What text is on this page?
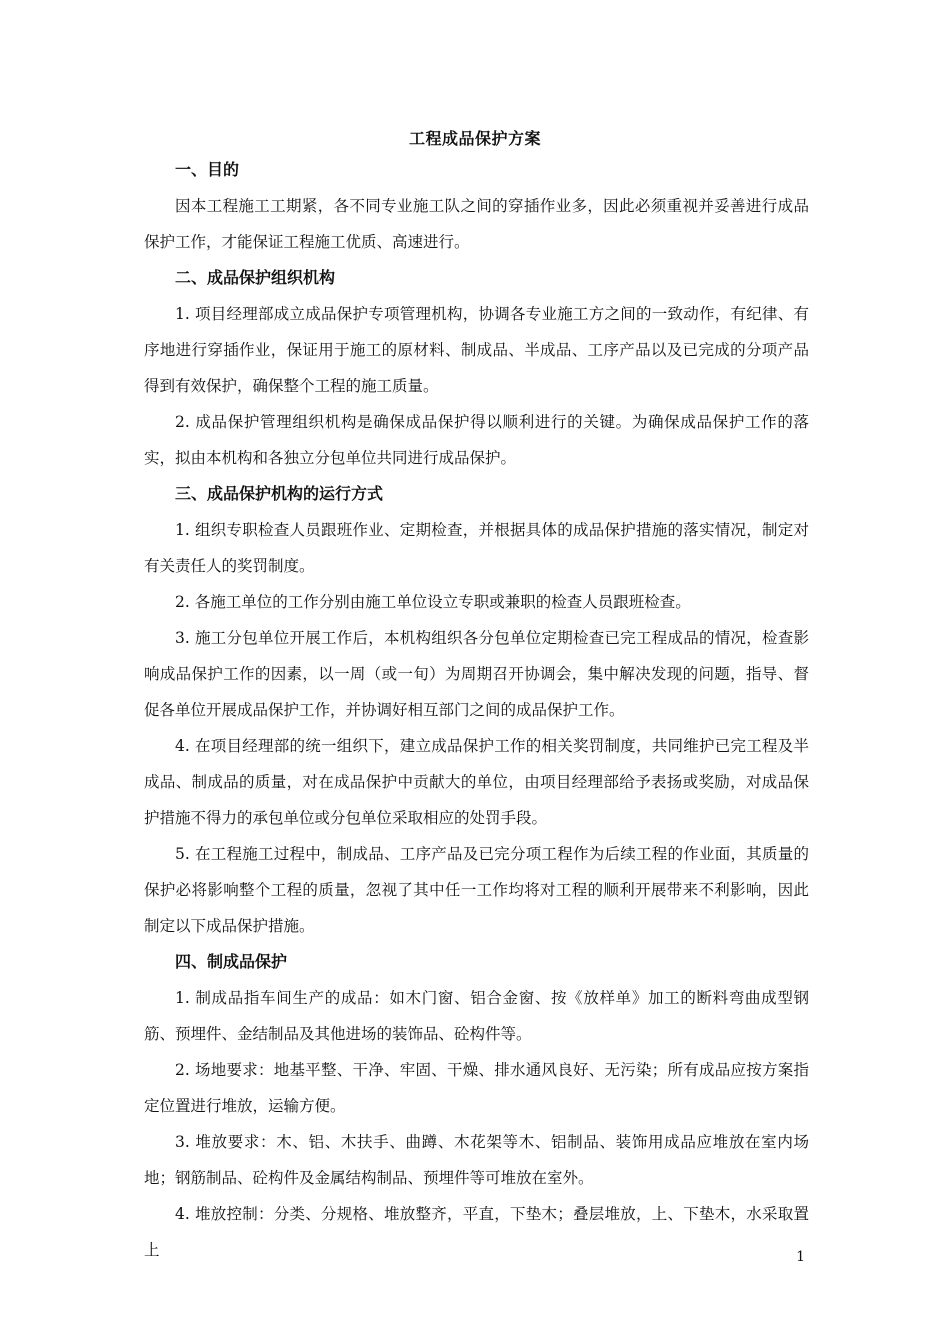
工程成品保护方案
一、目的

因本工程施工工期紧，各不同专业施工队之间的穿插作业多，因此必须重视并妥善进行成品保护工作，才能保证工程施工优质、高速进行。

二、成品保护组织机构

1. 项目经理部成立成品保护专项管理机构，协调各专业施工方之间的一致动作，有纪律、有序地进行穿插作业，保证用于施工的原材料、制成品、半成品、工序产品以及已完成的分项产品得到有效保护，确保整个工程的施工质量。

2. 成品保护管理组织机构是确保成品保护得以顺利进行的关键。为确保成品保护工作的落实，拟由本机构和各独立分包单位共同进行成品保护。

三、成品保护机构的运行方式

1. 组织专职检查人员跟班作业、定期检查，并根据具体的成品保护措施的落实情况，制定对有关责任人的奖罚制度。

2. 各施工单位的工作分别由施工单位设立专职或兼职的检查人员跟班检查。

3. 施工分包单位开展工作后，本机构组织各分包单位定期检查已完工程成品的情况，检查影响成品保护工作的因素，以一周（或一旬）为周期召开协调会，集中解决发现的问题，指导、督促各单位开展成品保护工作，并协调好相互部门之间的成品保护工作。

4. 在项目经理部的统一组织下，建立成品保护工作的相关奖罚制度，共同维护已完工程及半成品、制成品的质量，对在成品保护中贡献大的单位，由项目经理部给予表扬或奖励，对成品保护措施不得力的承包单位或分包单位采取相应的处罚手段。

5. 在工程施工过程中，制成品、工序产品及已完分项工程作为后续工程的作业面，其质量的保护必将影响整个工程的质量，忽视了其中任一工作均将对工程的顺利开展带来不利影响，因此制定以下成品保护措施。

四、制成品保护

1. 制成品指车间生产的成品：如木门窗、铝合金窗、按《放样单》加工的断料弯曲成型钢筋、预埋件、金结制品及其他进场的装饰品、砼构件等。

2. 场地要求：地基平整、干净、牢固、干燥、排水通风良好、无污染；所有成品应按方案指定位置进行堆放，运输方便。

3. 堆放要求：木、铝、木扶手、曲蹲、木花架等木、铝制品、装饰用成品应堆放在室内场地；钢筋制品、砼构件及金属结构制品、预埋件等可堆放在室外。

4. 堆放控制：分类、分规格、堆放整齐，平直，下垫木；叠层堆放，上、下垫木，水采取置上	1
